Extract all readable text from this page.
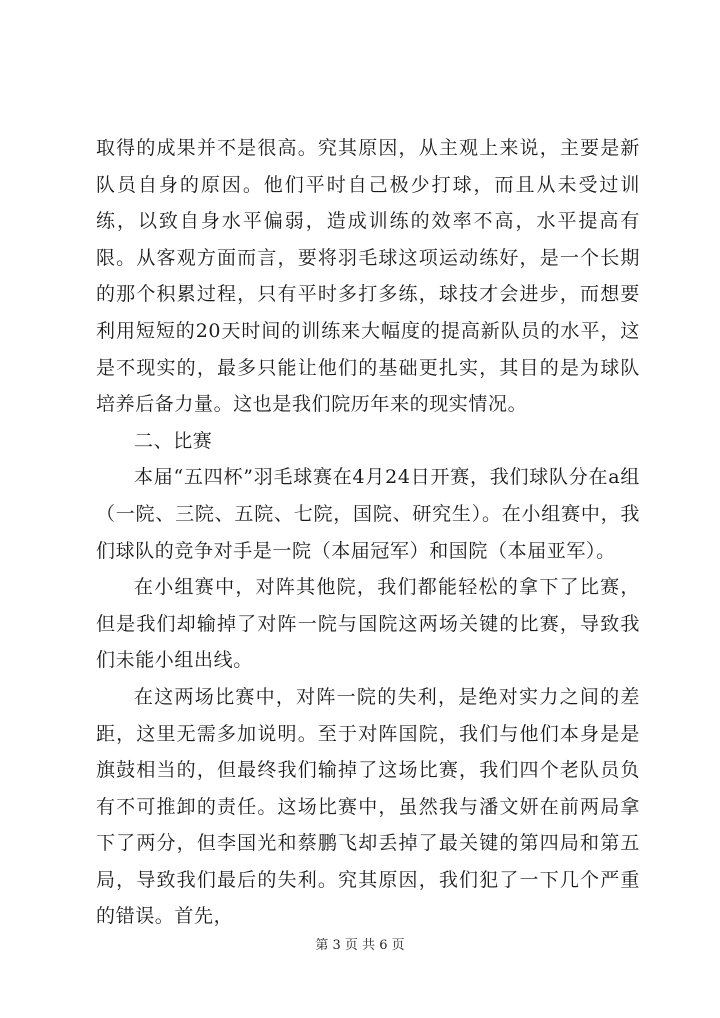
取得的成果并不是很高。究其原因，从主观上来说，主要是新队员自身的原因。他们平时自己极少打球，而且从未受过训练，以致自身水平偏弱，造成训练的效率不高，水平提高有限。从客观方面而言，要将羽毛球这项运动练好，是一个长期的那个积累过程，只有平时多打多练，球技才会进步，而想要利用短短的20天时间的训练来大幅度的提高新队员的水平，这是不现实的，最多只能让他们的基础更扎实，其目的是为球队培养后备力量。这也是我们院历年来的现实情况。

二、比赛

本届“五四杯”羽毛球赛在4月24日开赛，我们球队分在a组（一院、三院、五院、七院，国院、研究生）。在小组赛中，我们球队的竞争对手是一院（本届冠军）和国院（本届亚军）。

在小组赛中，对阵其他院，我们都能轻松的拿下了比赛，但是我们却输掉了对阵一院与国院这两场关键的比赛，导致我们未能小组出线。

在这两场比赛中，对阵一院的失利，是绝对实力之间的差距，这里无需多加说明。至于对阵国院，我们与他们本身是是旗鼓相当的，但最终我们输掉了这场比赛，我们四个老队员负有不可推卸的责任。这场比赛中，虽然我与潘文妍在前两局拿下了两分，但李国光和蔡鹏飞却丢掉了最关键的第四局和第五局，导致我们最后的失利。究其原因，我们犯了一下几个严重的错误。首先，

第 3 页 共 6 页
